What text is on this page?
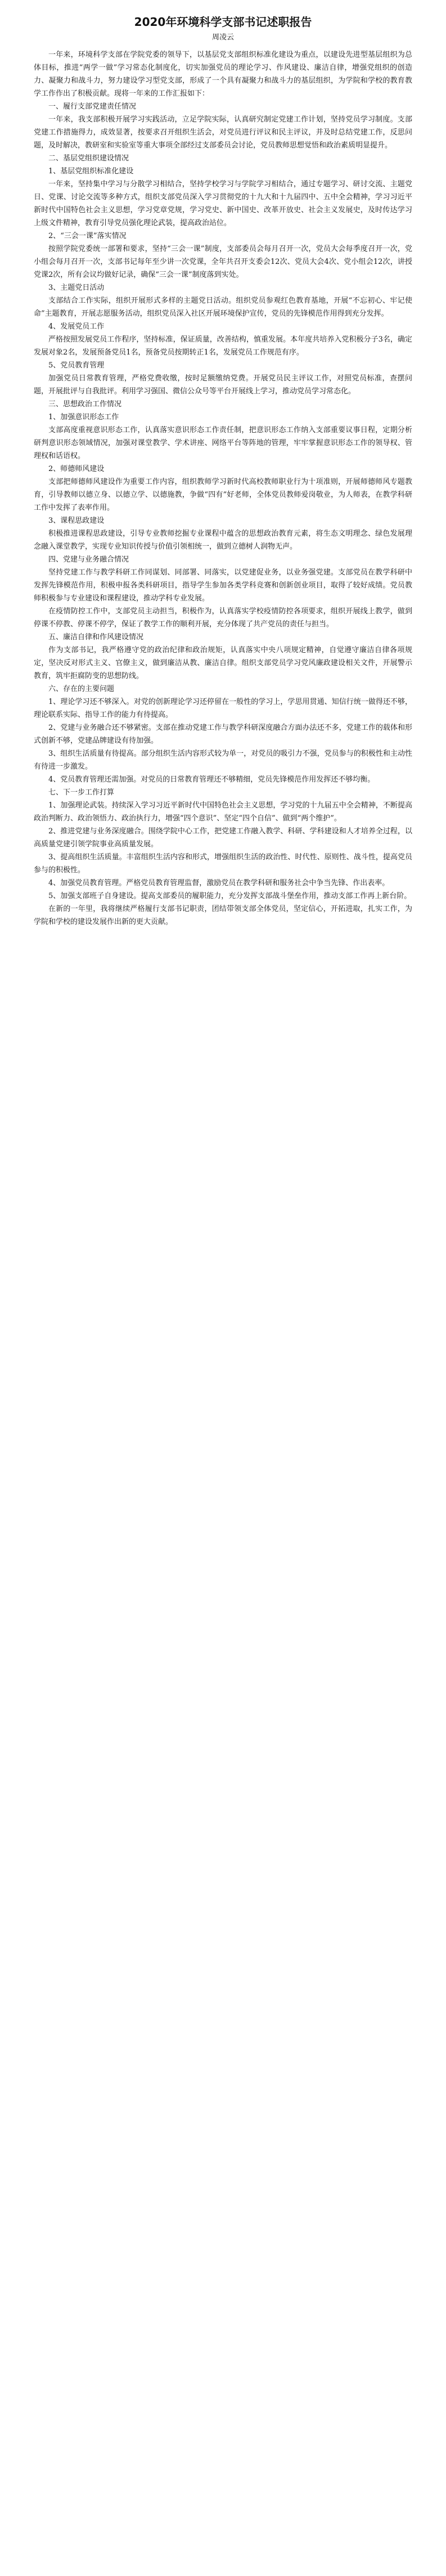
2020年环境科学支部书记述职报告
周凌云

一年来，环境科学支部在学院党委的领导下，以基层党支部组织标准化建设为重点，以建设先进型基层组织为总体目标，推进“两学一做”学习常态化制度化，切实加强党员的理论学习、作风建设、廉洁自律，增强党组织的创造力、凝聚力和战斗力，努力建设学习型党支部，形成了一个具有凝聚力和战斗力的基层组织，为学院和学校的教育教学工作作出了积极贡献。现将一年来的工作汇报如下：

一、履行支部党建责任情况

一年来，我支部积极开展学习实践活动，立足学院实际，认真研究制定党建工作计划，坚持党员学习制度。支部党建工作措施得力，成效显著，按要求召开组织生活会，对党员进行评议和民主评议，并及时总结党建工作，反思问题，及时解决，教研室和实验室等重大事项全部经过支部委员会讨论，党员教师思想觉悟和政治素质明显提升。

二、基层党组织建设情况

1、基层党组织标准化建设

一年来，坚持集中学习与分散学习相结合，坚持学校学习与学院学习相结合，通过专题学习、研讨交流、主题党日、党课、讨论交流等多种方式，组织支部党员深入学习贯彻党的十九大和十九届四中、五中全会精神，学习习近平新时代中国特色社会主义思想，学习党章党规，学习党史、新中国史、改革开放史、社会主义发展史，及时传达学习上级文件精神，教育引导党员强化理论武装，提高政治站位。

2、“三会一课”落实情况

按照学院党委统一部署和要求，坚持“三会一课”制度，支部委员会每月召开一次，党员大会每季度召开一次，党小组会每月召开一次，支部书记每年至少讲一次党课，全年共召开支委会12次、党员大会4次、党小组会12次，讲授党课2次，所有会议均做好记录，确保“三会一课”制度落到实处。

3、主题党日活动

支部结合工作实际，组织开展形式多样的主题党日活动。组织党员参观红色教育基地，开展“不忘初心、牢记使命”主题教育，开展志愿服务活动，组织党员深入社区开展环境保护宣传，党员的先锋模范作用得到充分发挥。

4、发展党员工作

严格按照发展党员工作程序，坚持标准，保证质量，改善结构，慎重发展。本年度共培养入党积极分子3名，确定发展对象2名，发展预备党员1名，预备党员按期转正1名，发展党员工作规范有序。

5、党员教育管理

加强党员日常教育管理，严格党费收缴，按时足额缴纳党费。开展党员民主评议工作，对照党员标准，查摆问题，开展批评与自我批评。利用学习强国、微信公众号等平台开展线上学习，推动党员学习常态化。

三、思想政治工作情况

1、加强意识形态工作

支部高度重视意识形态工作，认真落实意识形态工作责任制，把意识形态工作纳入支部重要议事日程，定期分析研判意识形态领域情况，加强对课堂教学、学术讲座、网络平台等阵地的管理，牢牢掌握意识形态工作的领导权、管理权和话语权。

2、师德师风建设

支部把师德师风建设作为重要工作内容，组织教师学习新时代高校教师职业行为十项准则，开展师德师风专题教育，引导教师以德立身、以德立学、以德施教，争做“四有”好老师，全体党员教师爱岗敬业，为人师表，在教学科研工作中发挥了表率作用。

3、课程思政建设

积极推进课程思政建设，引导专业教师挖掘专业课程中蕴含的思想政治教育元素，将生态文明理念、绿色发展理念融入课堂教学，实现专业知识传授与价值引领相统一，做到立德树人润物无声。

四、党建与业务融合情况

坚持党建工作与教学科研工作同谋划、同部署、同落实，以党建促业务，以业务强党建。支部党员在教学科研中发挥先锋模范作用，积极申报各类科研项目，指导学生参加各类学科竞赛和创新创业项目，取得了较好成绩。党员教师积极参与专业建设和课程建设，推动学科专业发展。

在疫情防控工作中，支部党员主动担当，积极作为，认真落实学校疫情防控各项要求，组织开展线上教学，做到停课不停教、停课不停学，保证了教学工作的顺利开展，充分体现了共产党员的责任与担当。

五、廉洁自律和作风建设情况

作为支部书记，我严格遵守党的政治纪律和政治规矩，认真落实中央八项规定精神，自觉遵守廉洁自律各项规定，坚决反对形式主义、官僚主义，做到廉洁从教、廉洁自律。组织支部党员学习党风廉政建设相关文件，开展警示教育，筑牢拒腐防变的思想防线。

六、存在的主要问题

1、理论学习还不够深入。对党的创新理论学习还停留在一般性的学习上，学思用贯通、知信行统一做得还不够，理论联系实际、指导工作的能力有待提高。

2、党建与业务融合还不够紧密。支部在推动党建工作与教学科研深度融合方面办法还不多，党建工作的载体和形式创新不够，党建品牌建设有待加强。

3、组织生活质量有待提高。部分组织生活内容形式较为单一，对党员的吸引力不强，党员参与的积极性和主动性有待进一步激发。

4、党员教育管理还需加强。对党员的日常教育管理还不够精细，党员先锋模范作用发挥还不够均衡。

七、下一步工作打算

1、加强理论武装。持续深入学习习近平新时代中国特色社会主义思想，学习党的十九届五中全会精神，不断提高政治判断力、政治领悟力、政治执行力，增强“四个意识”、坚定“四个自信”、做到“两个维护”。

2、推进党建与业务深度融合。围绕学院中心工作，把党建工作融入教学、科研、学科建设和人才培养全过程，以高质量党建引领学院事业高质量发展。

3、提高组织生活质量。丰富组织生活内容和形式，增强组织生活的政治性、时代性、原则性、战斗性，提高党员参与的积极性。

4、加强党员教育管理。严格党员教育管理监督，激励党员在教学科研和服务社会中争当先锋、作出表率。

5、加强支部班子自身建设。提高支部委员的履职能力，充分发挥支部战斗堡垒作用，推动支部工作再上新台阶。

在新的一年里，我将继续严格履行支部书记职责，团结带领支部全体党员，坚定信心，开拓进取，扎实工作，为学院和学校的建设发展作出新的更大贡献。
